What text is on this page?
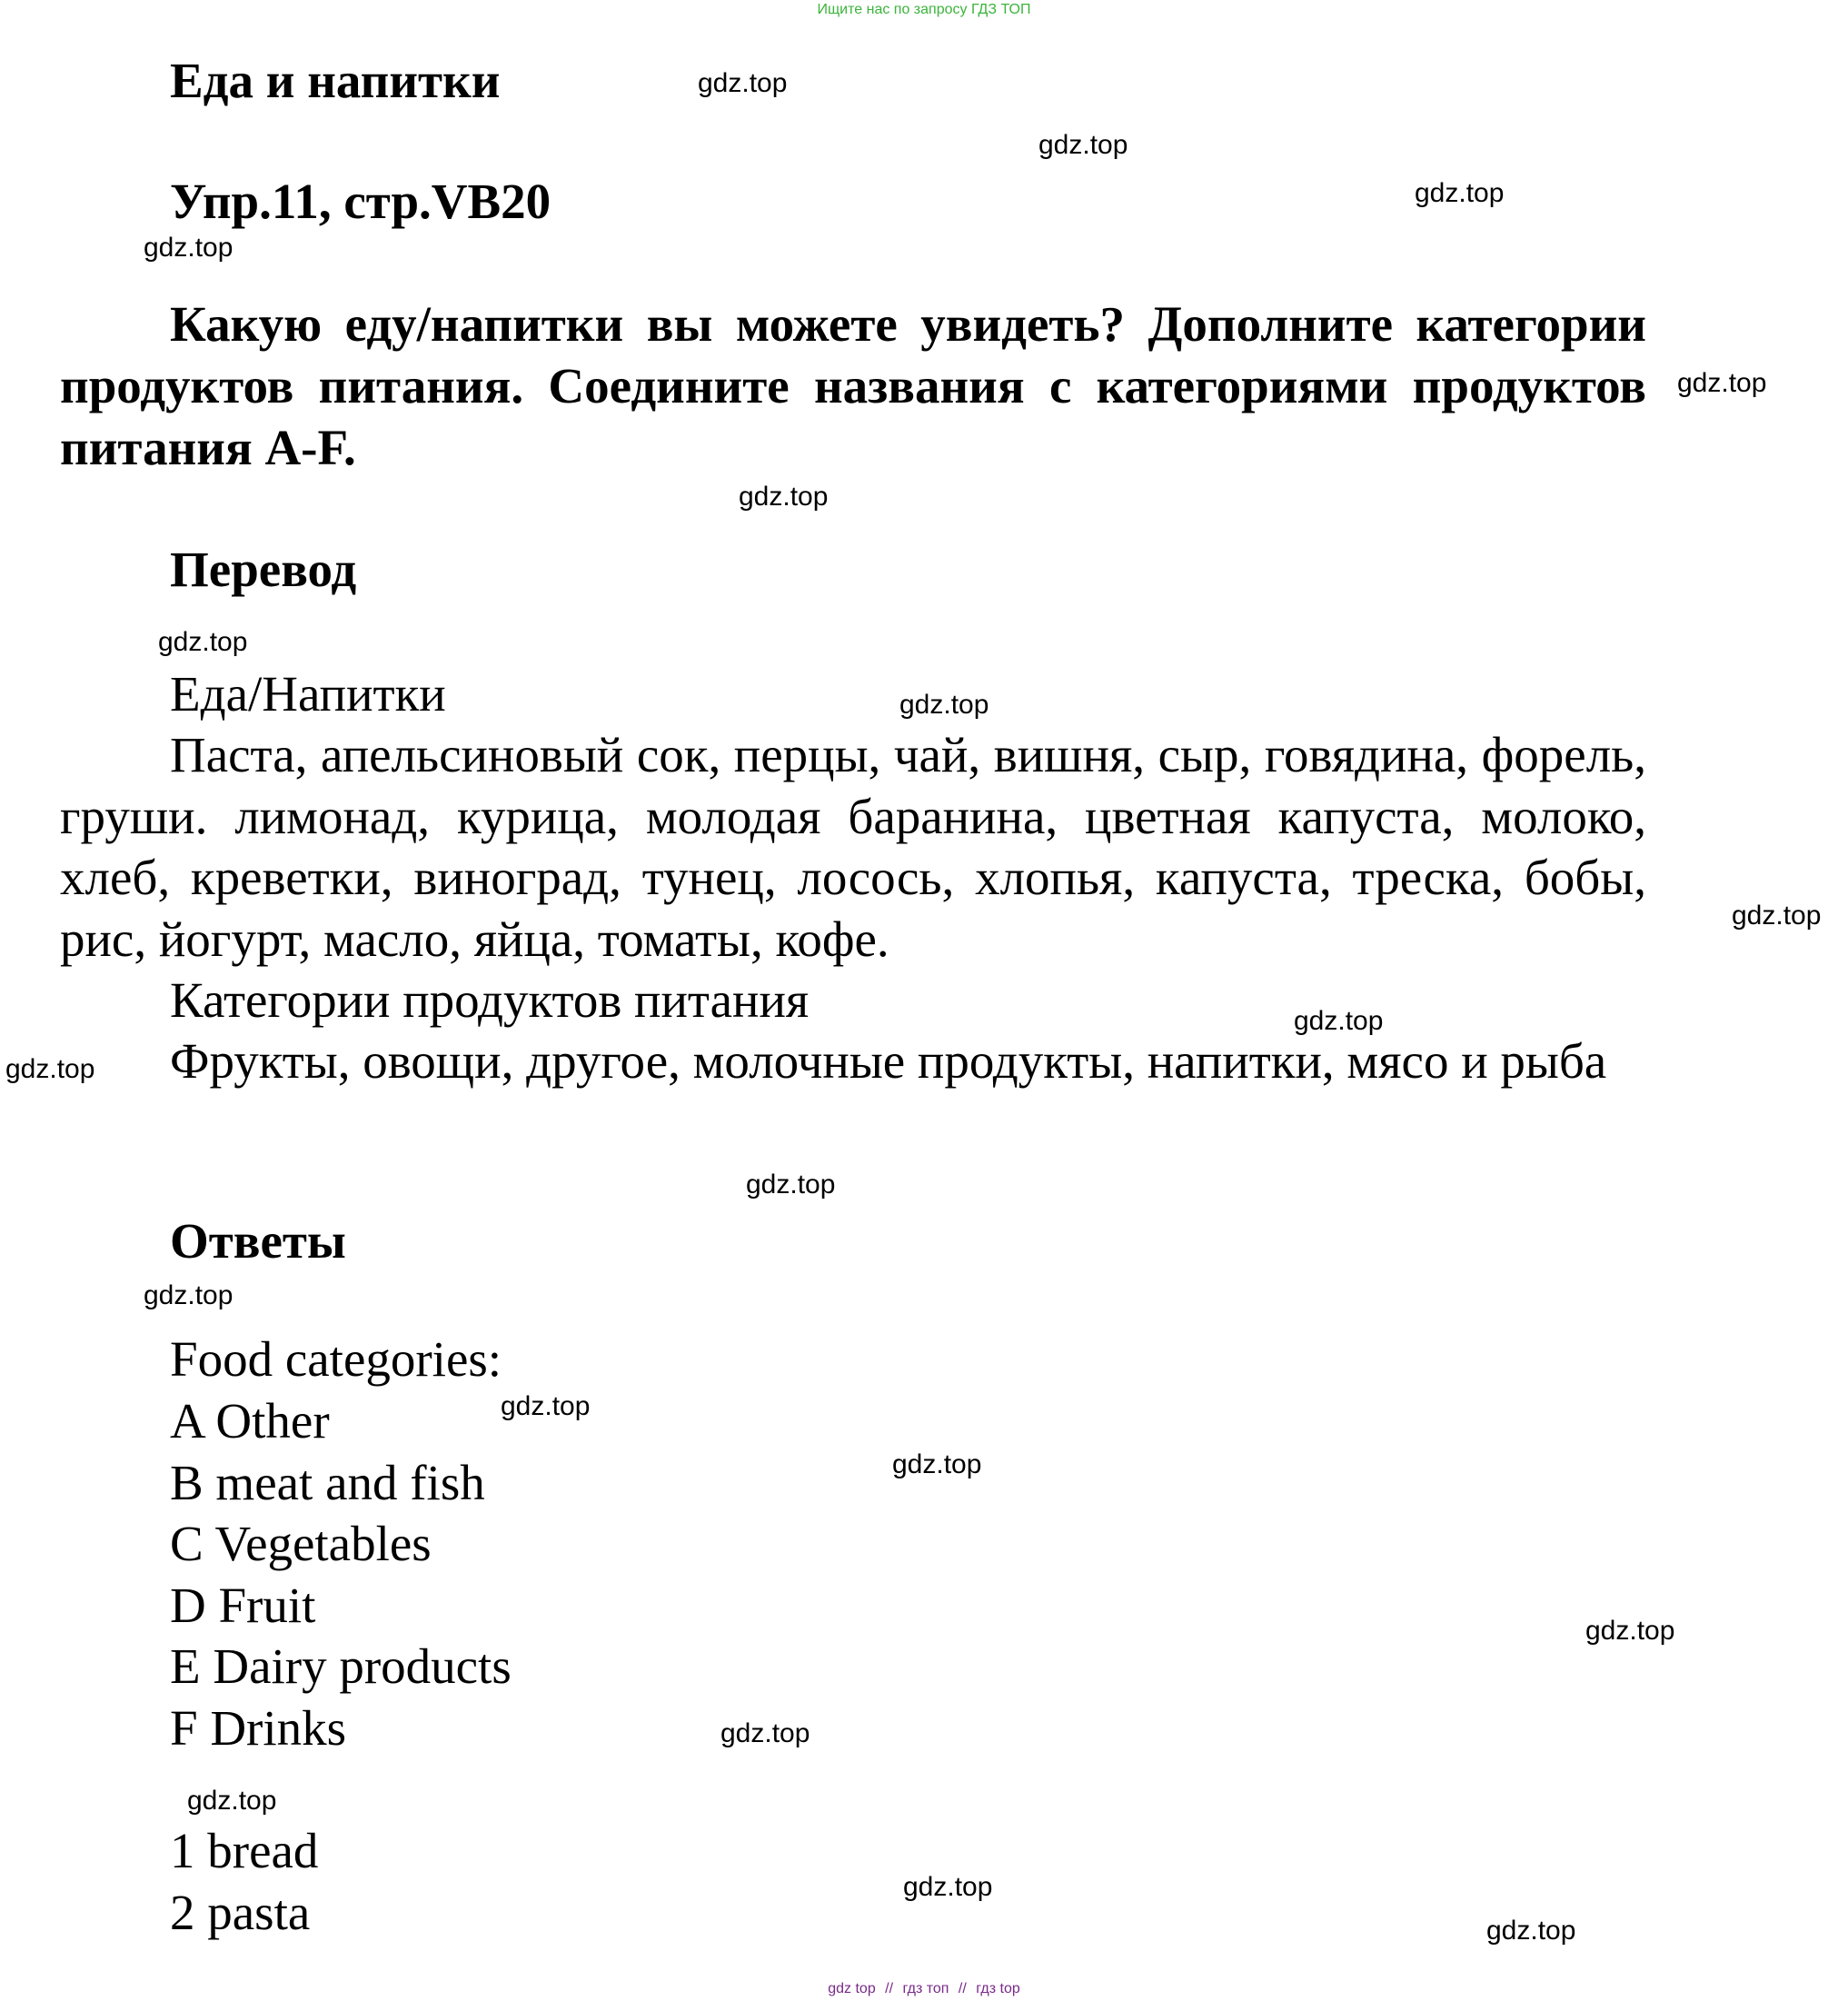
Ищите нас по запросу ГДЗ ТОП
Еда и напитки
Упр.11, стр.VB20
Какую еду/напитки вы можете увидеть? Дополните категории продуктов питания. Соедините названия с категориями продуктов питания A-F.
Перевод
Еда/Напитки
Паста, апельсиновый сок, перцы, чай, вишня, сыр, говядина, форель, груши. лимонад, курица, молодая баранина, цветная капуста, молоко, хлеб, креветки, виноград, тунец, лосось, хлопья, капуста, треска, бобы, рис, йогурт, масло, яйца, томаты, кофе.
Категории продуктов питания
Фрукты, овощи, другое, молочные продукты, напитки, мясо и рыба
Ответы
Food categories:
A Other
B meat and fish
C Vegetables
D Fruit
E Dairy products
F Drinks
1 bread
2 pasta
gdz.top
gdz.top
gdz.top
gdz.top
gdz.top
gdz.top
gdz.top
gdz.top
gdz.top
gdz.top
gdz.top
gdz.top
gdz.top
gdz.top
gdz.top
gdz.top
gdz.top
gdz.top
gdz.top
gdz.top
gdz top // гдз топ // гдз top
